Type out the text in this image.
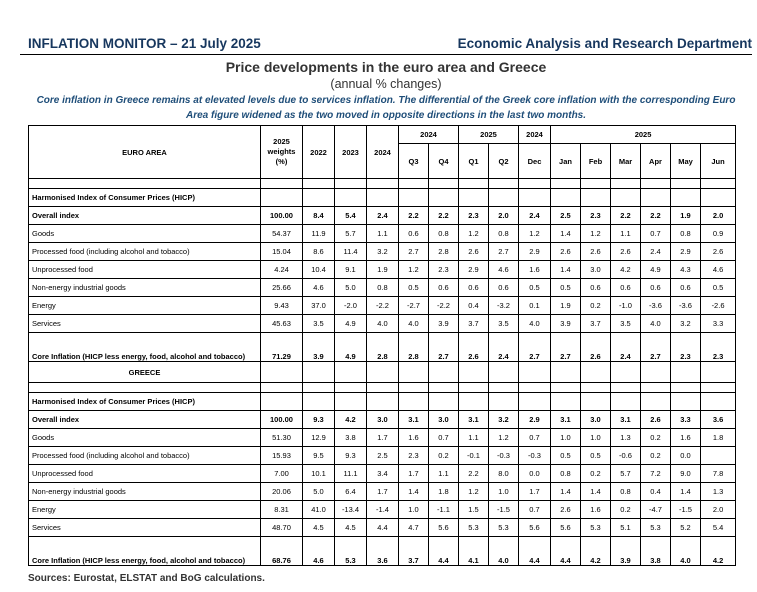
INFLATION MONITOR – 21 July 2025	Economic Analysis and Research Department
Price developments in the euro area and Greece
(annual % changes)
Core inflation in Greece remains at elevated levels due to services inflation. The differential of the Greek core inflation with the corresponding Euro Area figure widened as the two moved in opposite directions in the last two months.
EURO AREA	2025 weights (%)	2022	2023	2024	2024		2025		2024	2025					
					Q3	Q4	Q1	Q2	Dec	Jan	Feb	Mar	Apr	May	Jun

Harmonised Index of Consumer Prices (HICP)															
Overall index	100.00	8.4	5.4	2.4	2.2	2.2	2.3	2.0	2.4	2.5	2.3	2.2	2.2	1.9	2.0
Goods	54.37	11.9	5.7	1.1	0.6	0.8	1.2	0.8	1.2	1.4	1.2	1.1	0.7	0.8	0.9
Processed food (including alcohol and tobacco)	15.04	8.6	11.4	3.2	2.7	2.8	2.6	2.7	2.9	2.6	2.6	2.6	2.4	2.9	2.6
Unprocessed food	4.24	10.4	9.1	1.9	1.2	2.3	2.9	4.6	1.6	1.4	3.0	4.2	4.9	4.3	4.6
Non-energy industrial goods	25.66	4.6	5.0	0.8	0.5	0.6	0.6	0.6	0.5	0.5	0.6	0.6	0.6	0.6	0.5
Energy	9.43	37.0	-2.0	-2.2	-2.7	-2.2	0.4	-3.2	0.1	1.9	0.2	-1.0	-3.6	-3.6	-2.6
Services	45.63	3.5	4.9	4.0	4.0	3.9	3.7	3.5	4.0	3.9	3.7	3.5	4.0	3.2	3.3
Core Inflation (HICP less energy, food, alcohol and tobacco)	71.29	3.9	4.9	2.8	2.8	2.7	2.6	2.4	2.7	2.7	2.6	2.4	2.7	2.3	2.3
GREECE															

Harmonised Index of Consumer Prices (HICP)															
Overall index	100.00	9.3	4.2	3.0	3.1	3.0	3.1	3.2	2.9	3.1	3.0	3.1	2.6	3.3	3.6
Goods	51.30	12.9	3.8	1.7	1.6	0.7	1.1	1.2	0.7	1.0	1.0	1.3	0.2	1.6	1.8
Processed food (including alcohol and tobacco)	15.93	9.5	9.3	2.5	2.3	0.2	-0.1	-0.3	-0.3	0.5	0.5	-0.6	0.2	0.0	
Unprocessed food	7.00	10.1	11.1	3.4	1.7	1.1	2.2	8.0	0.0	0.8	0.2	5.7	7.2	9.0	7.8
Non-energy industrial goods	20.06	5.0	6.4	1.7	1.4	1.8	1.2	1.0	1.7	1.4	1.4	0.8	0.4	1.4	1.3
Energy	8.31	41.0	-13.4	-1.4	1.0	-1.1	1.5	-1.5	0.7	2.6	1.6	0.2	-4.7	-1.5	2.0
Services	48.70	4.5	4.5	4.4	4.7	5.6	5.3	5.3	5.6	5.6	5.3	5.1	5.3	5.2	5.4
Core Inflation (HICP less energy, food, alcohol and tobacco)	68.76	4.6	5.3	3.6	3.7	4.4	4.1	4.0	4.4	4.4	4.2	3.9	3.8	4.0	4.2
Sources: Eurostat, ELSTAT and BoG calculations.
